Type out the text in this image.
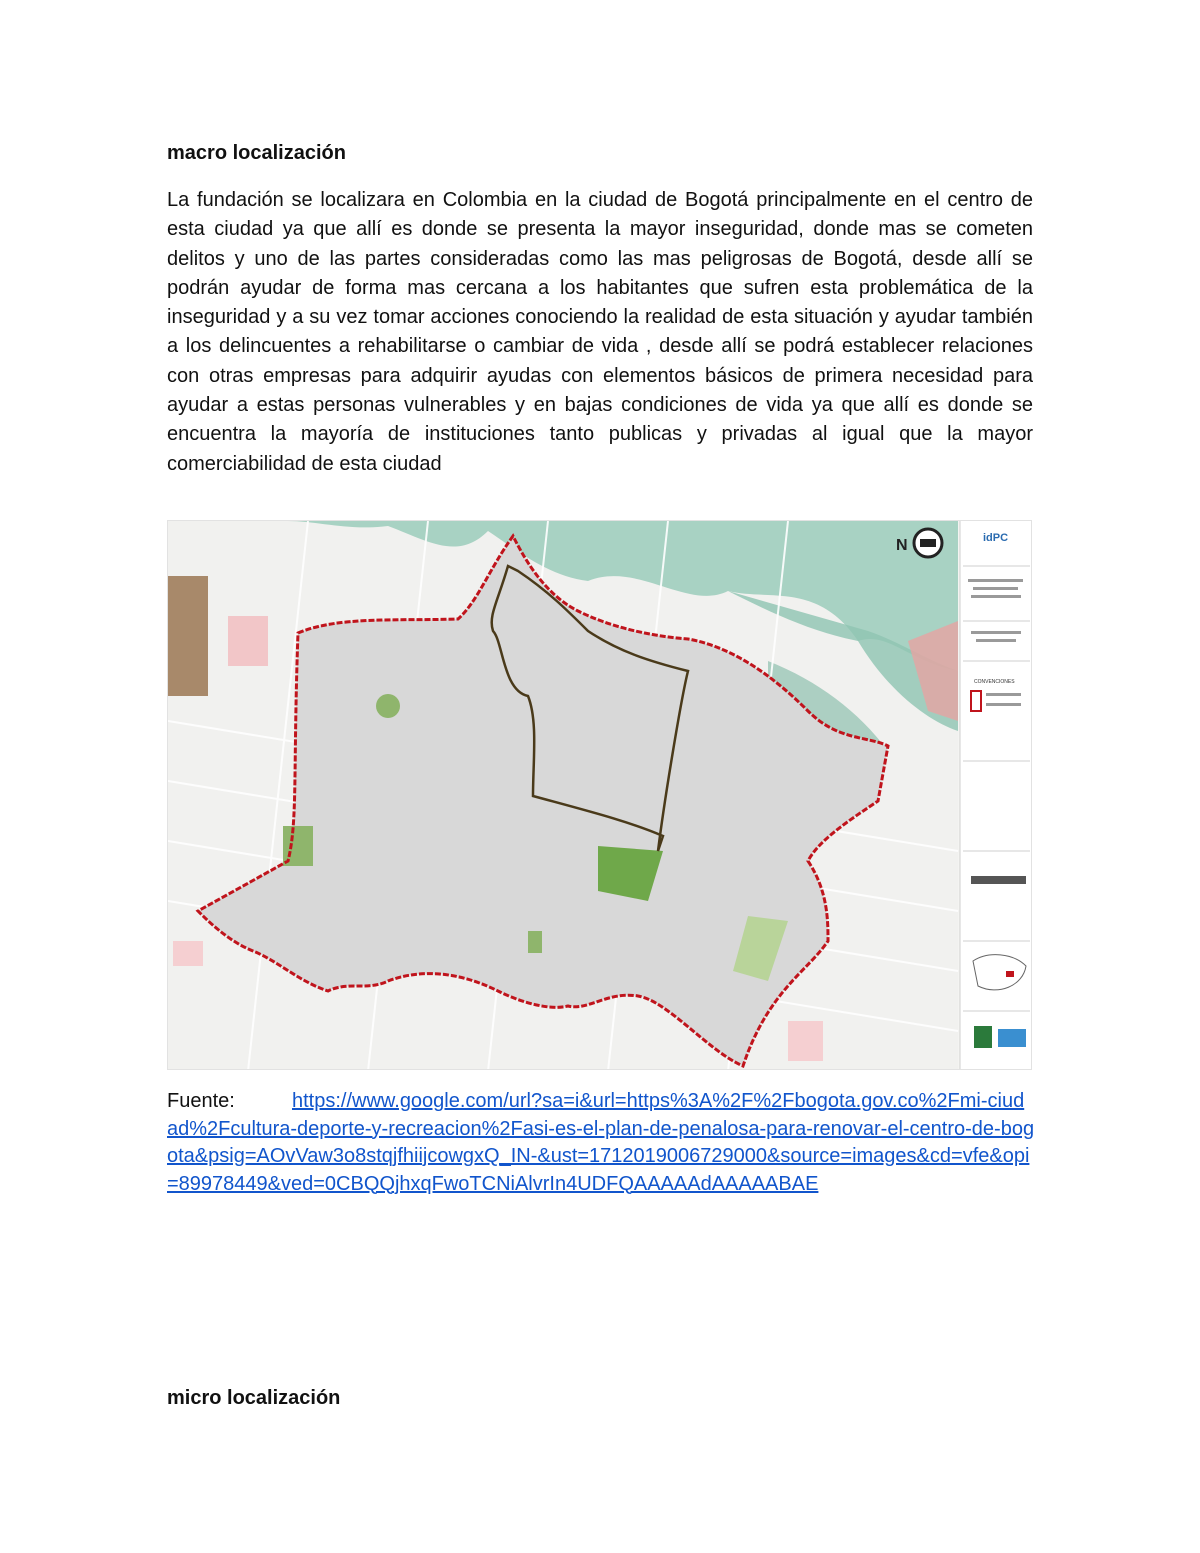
macro localización

La fundación se localizara en Colombia en la ciudad de Bogotá principalmente en el centro de esta ciudad ya que allí es donde se presenta la mayor inseguridad, donde mas se cometen delitos y uno de las partes consideradas como las mas peligrosas de Bogotá, desde allí se podrán ayudar de forma mas cercana a los habitantes que sufren esta problemática de la inseguridad y a su vez tomar acciones conociendo la realidad de esta situación y ayudar también a los delincuentes a rehabilitarse o cambiar de vida , desde allí se podrá establecer relaciones con otras empresas para adquirir ayudas con elementos básicos de primera necesidad para ayudar a estas personas vulnerables y en bajas condiciones de vida ya que allí es donde se encuentra la mayoría de instituciones tanto publicas y privadas al igual que la mayor comerciabilidad de esta ciudad

N	idPC
CONVENCIONES

Fuente:	https://www.google.com/url?sa=i&url=https%3A%2F%2Fbogota.gov.co%2Fmi-ciudad%2Fcultura-deporte-y-recreacion%2Fasi-es-el-plan-de-penalosa-para-renovar-el-centro-de-bogota&psig=AOvVaw3o8stqjfhiijcowgxQ_IN-&ust=1712019006729000&source=images&cd=vfe&opi=89978449&ved=0CBQQjhxqFwoTCNiAlvrIn4UDFQAAAAAdAAAAABAE

micro localización
